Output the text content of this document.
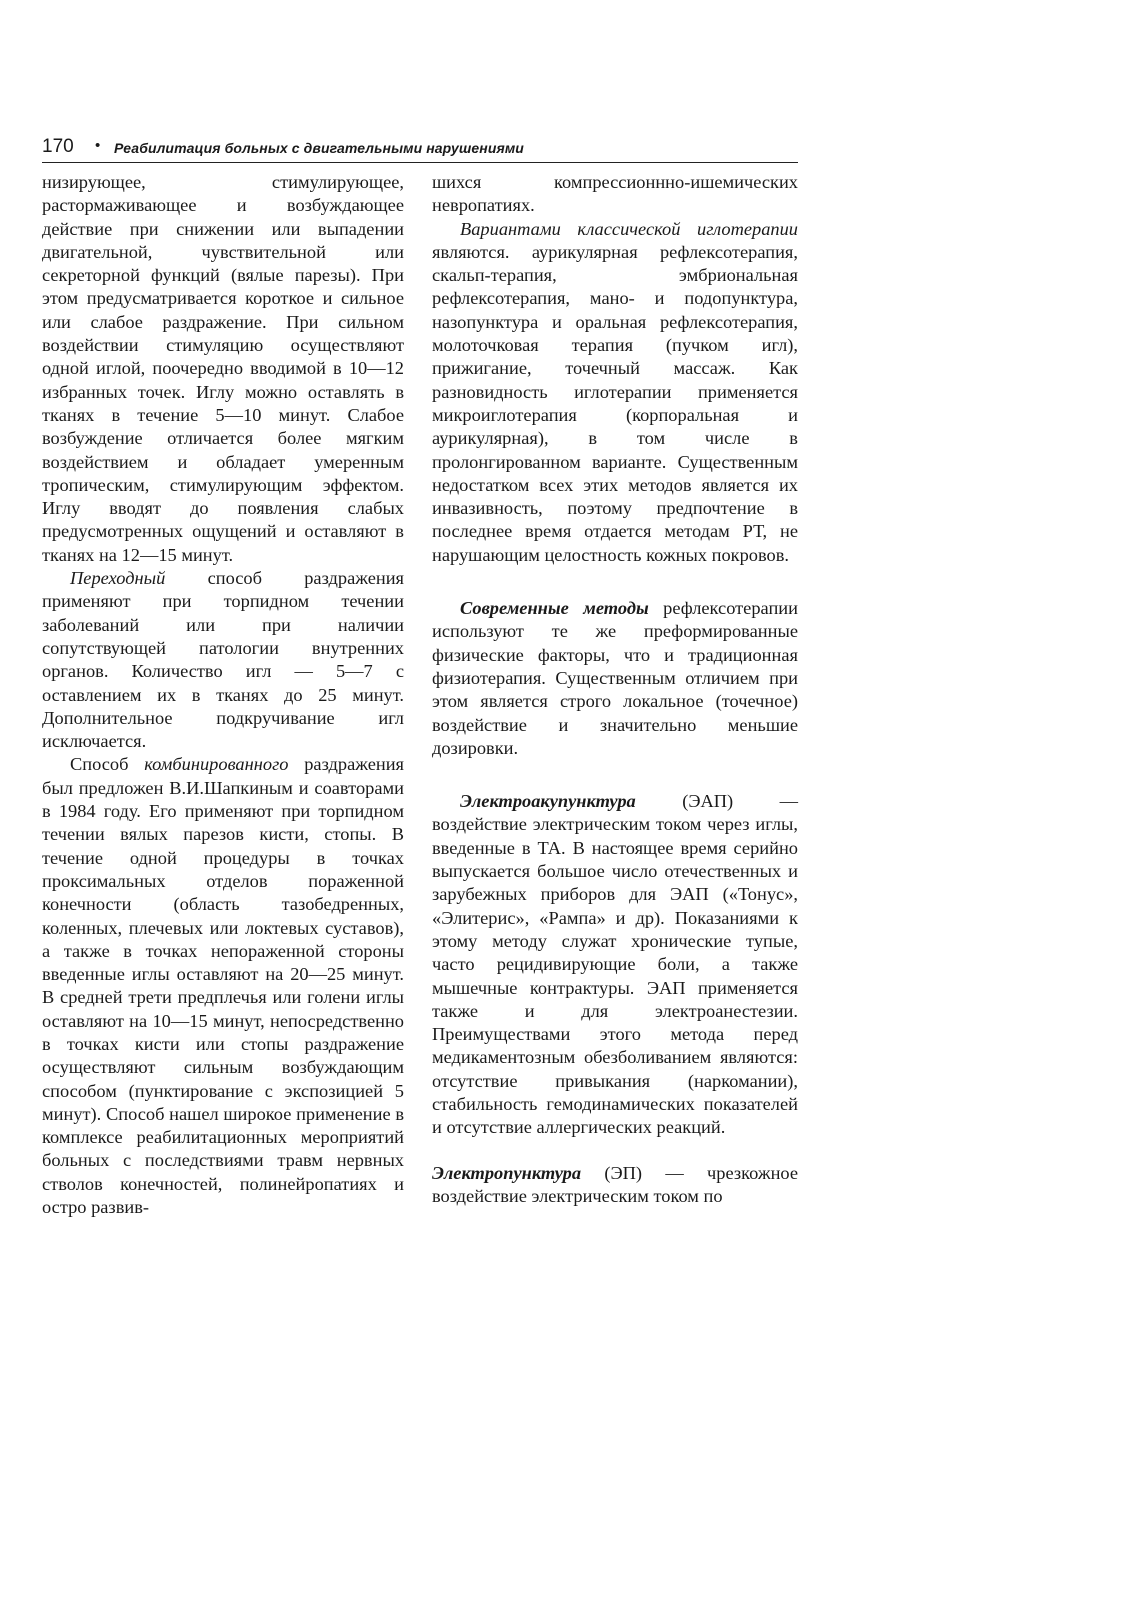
170 • Реабилитация больных с двигательными нарушениями

низирующее, стимулирующее, растормаживающее и возбуждающее действие при снижении или выпадении двигательной, чувствительной или секреторной функций (вялые парезы). При этом предусматривается короткое и сильное или слабое раздражение. При сильном воздействии стимуляцию осуществляют одной иглой, поочередно вводимой в 10—12 избранных точек. Иглу можно оставлять в тканях в течение 5—10 минут. Слабое возбуждение отличается более мягким воздействием и обладает умеренным тропическим, стимулирующим эффектом. Иглу вводят до появления слабых предусмотренных ощущений и оставляют в тканях на 12—15 минут.

Переходный способ раздражения применяют при торпидном течении заболеваний или при наличии сопутствующей патологии внутренних органов. Количество игл — 5—7 с оставлением их в тканях до 25 минут. Дополнительное подкручивание игл исключается.

Способ комбинированного раздражения был предложен В.И.Шапкиным и соавторами в 1984 году. Его применяют при торпидном течении вялых парезов кисти, стопы. В течение одной процедуры в точках проксимальных отделов пораженной конечности (область тазобедренных, коленных, плечевых или локтевых суставов), а также в точках непораженной стороны введенные иглы оставляют на 20—25 минут. В средней трети предплечья или голени иглы оставляют на 10—15 минут, непосредственно в точках кисти или стопы раздражение осуществляют сильным возбуждающим способом (пунктирование с экспозицией 5 минут). Способ нашел широкое применение в комплексе реабилитационных мероприятий больных с последствиями травм нервных стволов конечностей, полинейропатиях и остро развив-

шихся компрессионнно-ишемических невропатиях.

Вариантами классической иглотерапии являются. аурикулярная рефлексотерапия, скальп-терапия, эмбриональная рефлексотерапия, мано- и подопунктура, назопунктура и оральная рефлексотерапия, молоточковая терапия (пучком игл), прижигание, точечный массаж. Как разновидность иглотерапии применяется микроиглотерапия (корпоральная и аурикулярная), в том числе в пролонгированном варианте. Существенным недостатком всех этих методов является их инвазивность, поэтому предпочтение в последнее время отдается методам РТ, не нарушающим целостность кожных покровов.

Современные методы рефлексотерапии используют те же преформированные физические факторы, что и традиционная физиотерапия. Существенным отличием при этом является строго локальное (точечное) воздействие и значительно меньшие дозировки.

Электроакупунктура (ЭАП) — воздействие электрическим током через иглы, введенные в ТА. В настоящее время серийно выпускается большое число отечественных и зарубежных приборов для ЭАП («Тонус», «Элитерис», «Рампа» и др). Показаниями к этому методу служат хронические тупые, часто рецидивирующие боли, а также мышечные контрактуры. ЭАП применяется также и для электроанестезии. Преимуществами этого метода перед медикаментозным обезболиванием являются: отсутствие привыкания (наркомании), стабильность гемодинамических показателей и отсутствие аллергических реакций.

Электропунктура (ЭП) — чрезкожное воздействие электрическим током по
